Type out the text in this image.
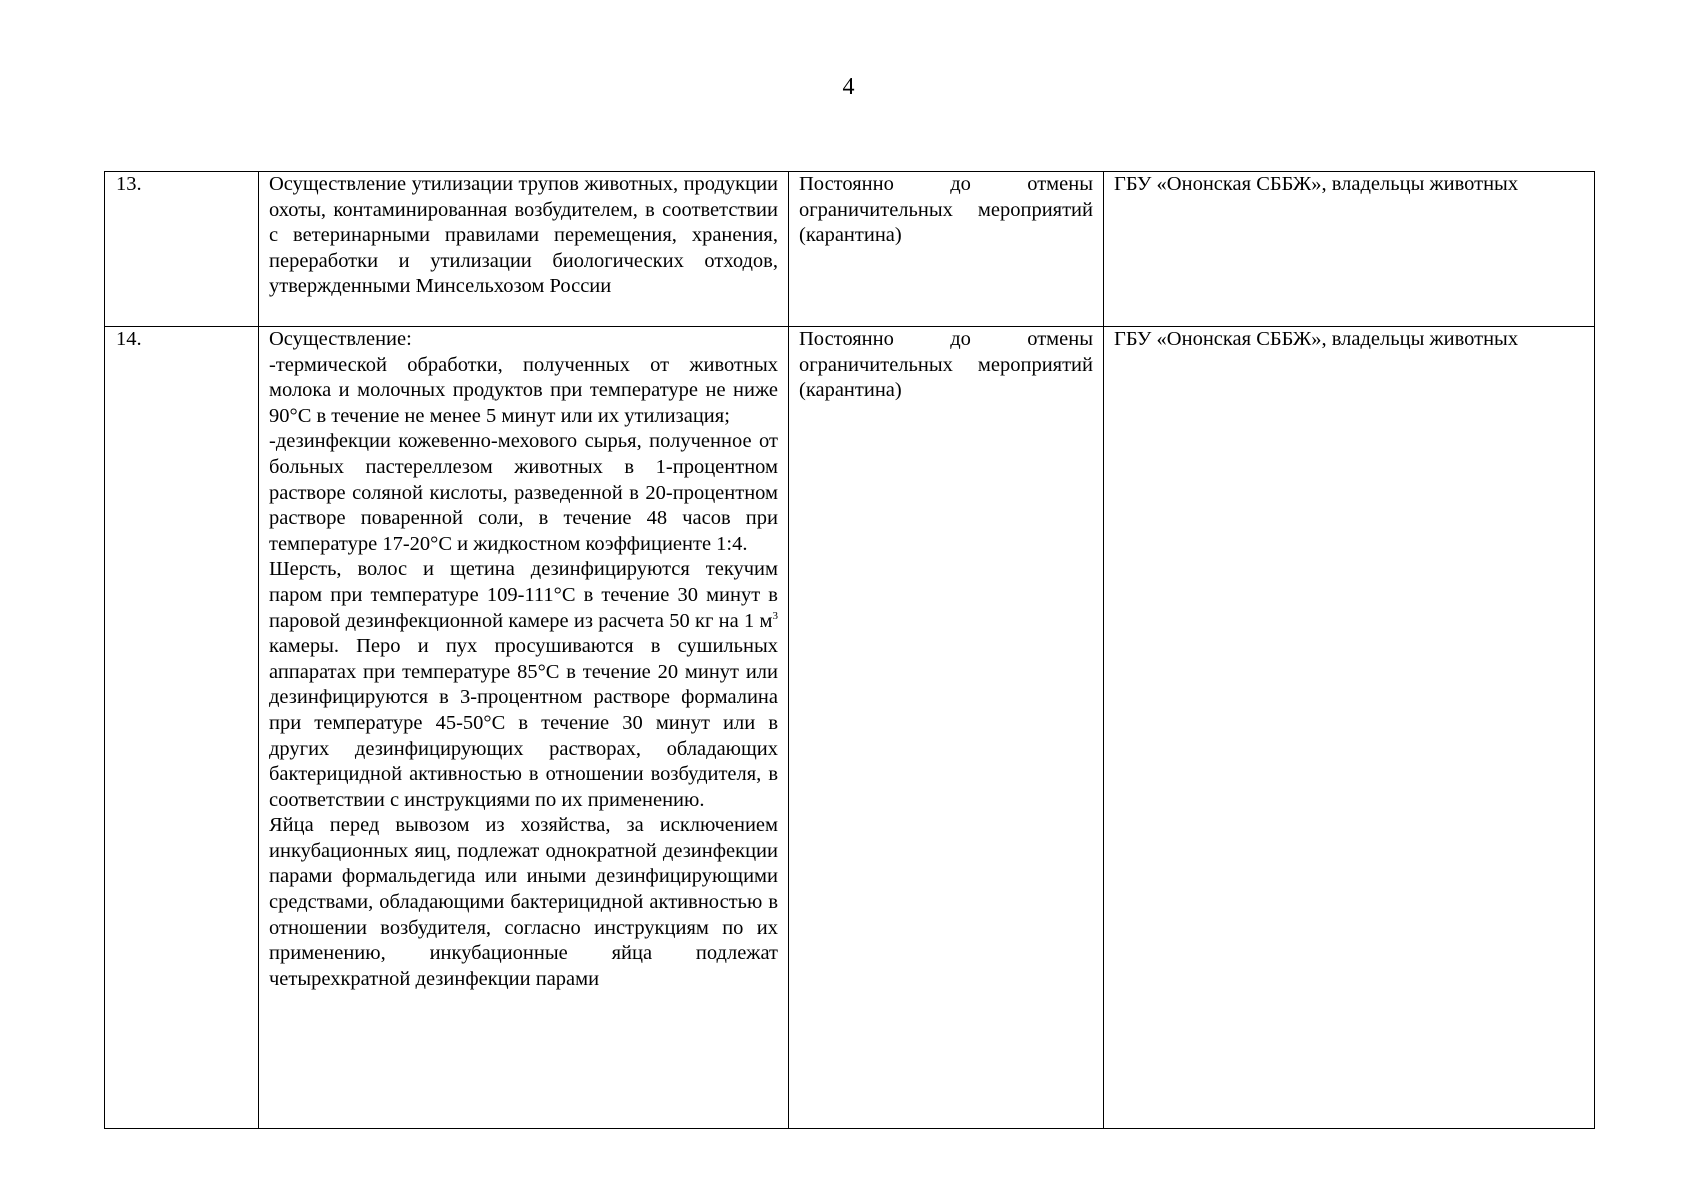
4
13.	Осуществление утилизации трупов животных, продукции охоты, контаминированная возбудителем, в соответствии с ветеринарными правилами перемещения, хранения, переработки и утилизации биологических отходов, утвержденными Минсельхозом России	Постоянно до отмены ограничительных мероприятий (карантина)	ГБУ «Ононская СББЖ», владельцы животных
14.	Осуществление:
-термической обработки, полученных от животных молока и молочных продуктов при температуре не ниже 90°С в течение не менее 5 минут или их утилизация;
-дезинфекции кожевенно-мехового сырья, полученное от больных пастереллезом животных в 1-процентном растворе соляной кислоты, разведенной в 20-процентном растворе поваренной соли, в течение 48 часов при температуре 17-20°С и жидкостном коэффициенте 1:4.
Шерсть, волос и щетина дезинфицируются текучим паром при температуре 109-111°С в течение 30 минут в паровой дезинфекционной камере из расчета 50 кг на 1 $м^3$ камеры. Перо и пух просушиваются в сушильных аппаратах при температуре 85°С в течение 20 минут или дезинфицируются в 3-процентном растворе формалина при температуре 45-50°С в течение 30 минут или в других дезинфицирующих растворах, обладающих бактерицидной активностью в отношении возбудителя, в соответствии с инструкциями по их применению.
Яйца перед вывозом из хозяйства, за исключением инкубационных яиц, подлежат однократной дезинфекции парами формальдегида или иными дезинфицирующими средствами, обладающими бактерицидной активностью в отношении возбудителя, согласно инструкциям по их применению, инкубационные яйца подлежат четырехкратной дезинфекции парами	Постоянно до отмены ограничительных мероприятий (карантина)	ГБУ «Ононская СББЖ», владельцы животных
